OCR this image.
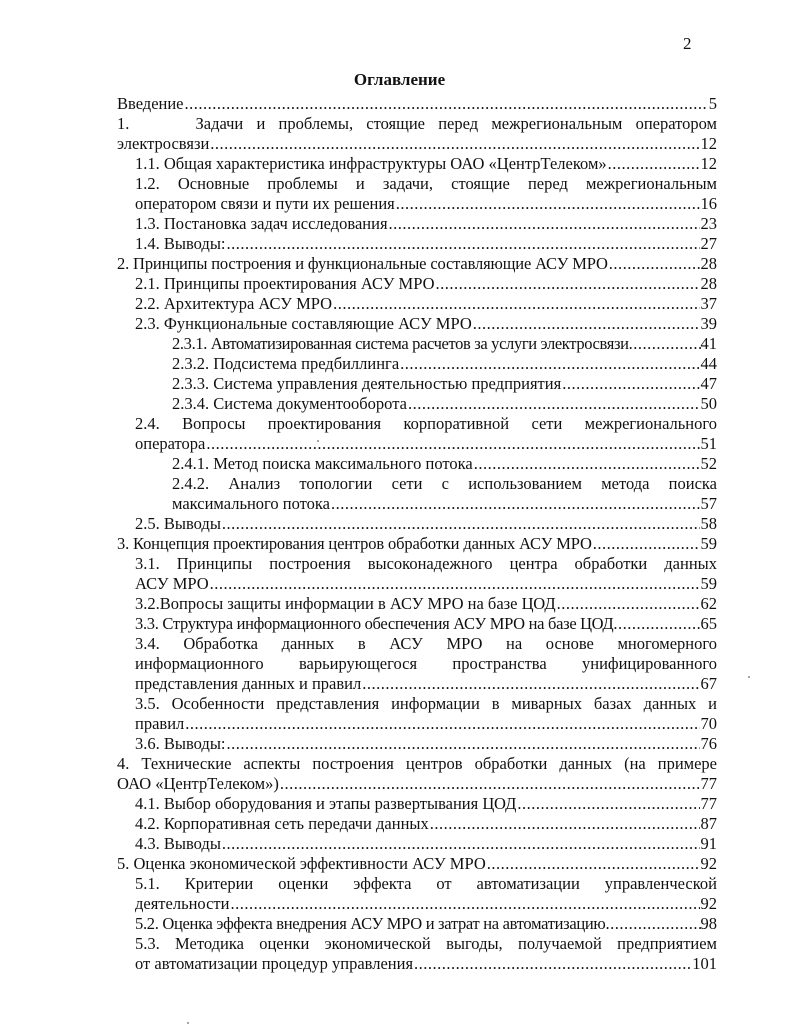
2
Оглавление
Введение .....	5
1.     Задачи и проблемы, стоящие перед межрегиональным оператором
электросвязи .....	12
1.1. Общая характеристика инфраструктуры ОАО «ЦентрТелеком» .....	12
1.2. Основные проблемы и задачи, стоящие перед межрегиональным
оператором связи и пути их решения .....	16
1.3. Постановка задач исследования .....	23
1.4. Выводы: .....	27
2. Принципы построения и функциональные составляющие АСУ МРО .....	28
2.1. Принципы проектирования АСУ МРО .....	28
2.2. Архитектура АСУ МРО .....	37
2.3. Функциональные составляющие АСУ МРО .....	39
2.3.1. Автоматизированная система расчетов за услуги электросвязи .....	41
2.3.2. Подсистема предбиллинга .....	44
2.3.3. Система управления деятельностью предприятия .....	47
2.3.4. Система документооборота .....	50
2.4. Вопросы проектирования корпоративной сети межрегионального
оператора .....	51
2.4.1. Метод поиска максимального потока .....	52
2.4.2. Анализ топологии сети с использованием метода поиска
максимального потока .....	57
2.5. Выводы .....	58
3. Концепция проектирования центров обработки данных АСУ МРО .....	59
3.1. Принципы построения высоконадежного центра обработки данных
АСУ МРО .....	59
3.2.Вопросы защиты информации в АСУ МРО на базе ЦОД .....	62
3.3. Структура информационного обеспечения АСУ МРО на базе ЦОД .....	65
3.4. Обработка данных в АСУ МРО на основе многомерного
информационного варьирующегося пространства унифицированного
представления данных и правил .....	67
3.5. Особенности представления информации в миварных базах данных и
правил .....	70
3.6. Выводы: .....	76
4. Технические аспекты построения центров обработки данных (на примере
ОАО «ЦентрТелеком») .....	77
4.1. Выбор оборудования и этапы развертывания ЦОД .....	77
4.2. Корпоративная сеть передачи данных .....	87
4.3. Выводы .....	91
5. Оценка экономической эффективности АСУ МРО .....	92
5.1. Критерии оценки эффекта от автоматизации управленческой
деятельности .....	92
5.2. Оценка эффекта внедрения АСУ МРО и затрат на автоматизацию .....	98
5.3. Методика оценки экономической выгоды, получаемой предприятием
от автоматизации процедур управления .....	101
